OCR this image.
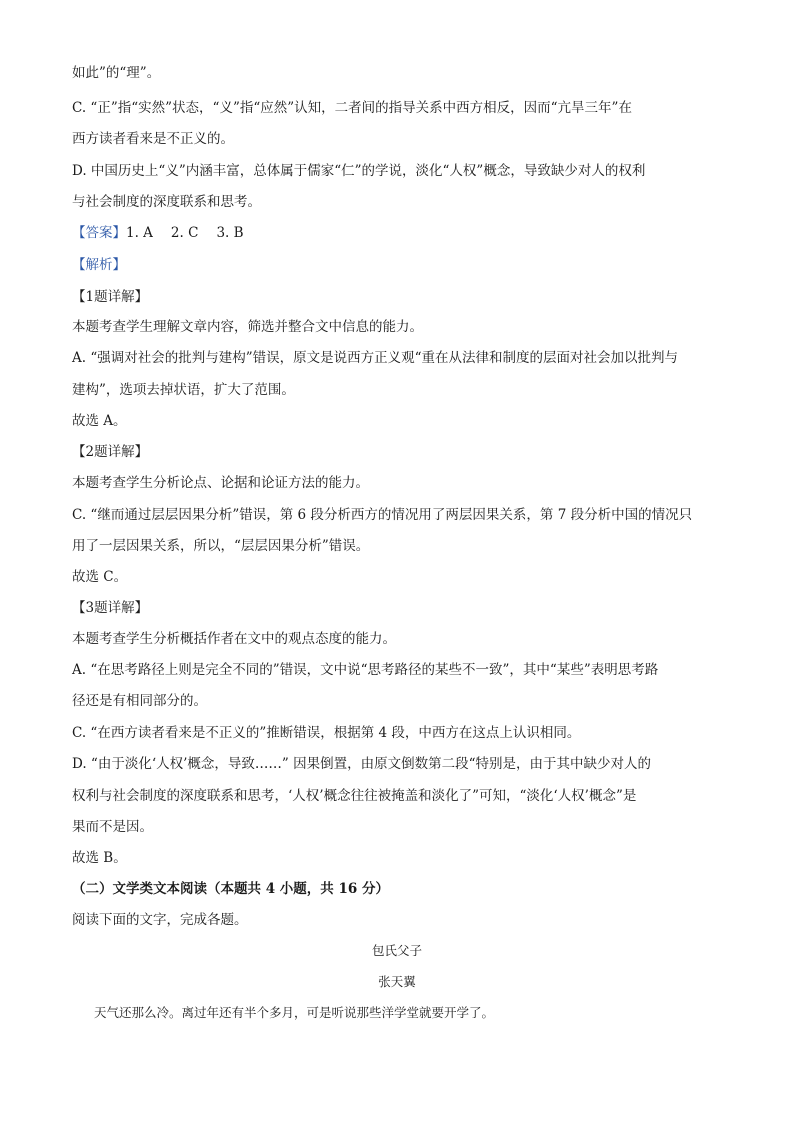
如此”的“理”。
C. “正”指“实然”状态，“义”指“应然”认知，二者间的指导关系中西方相反，因而“亢旱三年”在
西方读者看来是不正义的。
D. 中国历史上“义”内涵丰富，总体属于儒家“仁”的学说，淡化“人权”概念，导致缺少对人的权利
与社会制度的深度联系和思考。
【答案】1. A 2. C 3. B
【解析】
【1题详解】
本题考查学生理解文章内容，筛选并整合文中信息的能力。
A. “强调对社会的批判与建构”错误，原文是说西方正义观“重在从法律和制度的层面对社会加以批判与
建构”，选项去掉状语，扩大了范围。
故选 A。
【2题详解】
本题考查学生分析论点、论据和论证方法的能力。
C. “继而通过层层因果分析”错误，第 6 段分析西方的情况用了两层因果关系，第 7 段分析中国的情况只
用了一层因果关系，所以，“层层因果分析”错误。
故选 C。
【3题详解】
本题考查学生分析概括作者在文中的观点态度的能力。
A. “在思考路径上则是完全不同的”错误，文中说“思考路径的某些不一致”，其中“某些”表明思考路
径还是有相同部分的。
C. “在西方读者看来是不正义的”推断错误，根据第 4 段，中西方在这点上认识相同。
D. “由于淡化‘人权’概念，导致……” 因果倒置，由原文倒数第二段“特别是，由于其中缺少对人的
权利与社会制度的深度联系和思考，‘人权’概念往往被掩盖和淡化了”可知，“淡化‘人权’概念”是
果而不是因。
故选 B。
（二）文学类文本阅读（本题共 4 小题，共 16 分）
阅读下面的文字，完成各题。
包氏父子
张天翼
天气还那么冷。离过年还有半个多月，可是听说那些洋学堂就要开学了。
